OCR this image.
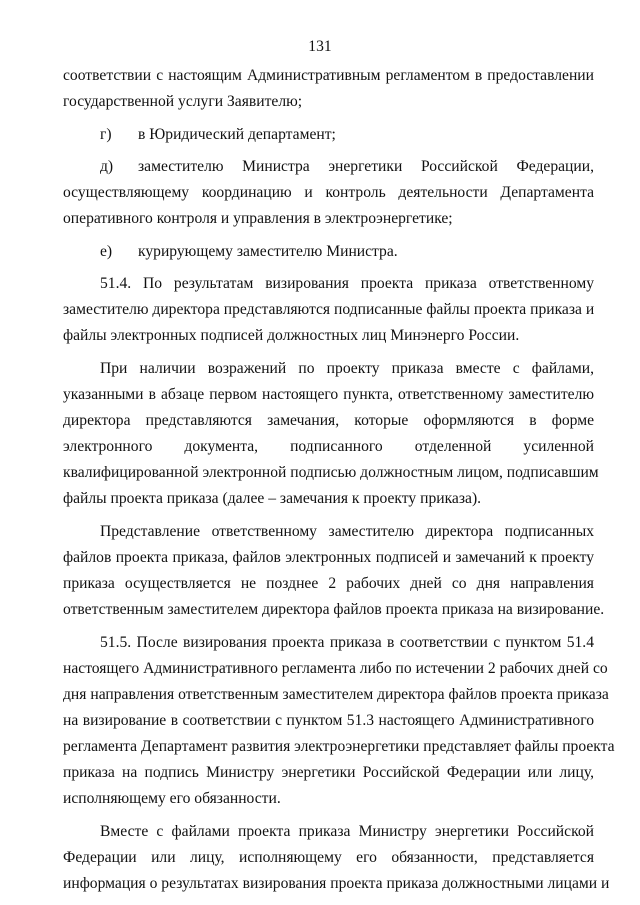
131
соответствии с настоящим Административным регламентом в предоставлении
государственной услуги Заявителю;
г)	в Юридический департамент;
д)	заместителю Министра энергетики Российской Федерации,
осуществляющему координацию и контроль деятельности Департамента
оперативного контроля и управления в электроэнергетике;
е)	курирующему заместителю Министра.
51.4. По результатам визирования проекта приказа ответственному
заместителю директора представляются подписанные файлы проекта приказа и
файлы электронных подписей должностных лиц Минэнерго России.
При наличии возражений по проекту приказа вместе с файлами,
указанными в абзаце первом настоящего пункта, ответственному заместителю
директора представляются замечания, которые оформляются в форме
электронного документа, подписанного отделенной усиленной
квалифицированной электронной подписью должностным лицом, подписавшим
файлы проекта приказа (далее – замечания к проекту приказа).
Представление ответственному заместителю директора подписанных
файлов проекта приказа, файлов электронных подписей и замечаний к проекту
приказа осуществляется не позднее 2 рабочих дней со дня направления
ответственным заместителем директора файлов проекта приказа на визирование.
51.5. После визирования проекта приказа в соответствии с пунктом 51.4
настоящего Административного регламента либо по истечении 2 рабочих дней со
дня направления ответственным заместителем директора файлов проекта приказа
на визирование в соответствии с пунктом 51.3 настоящего Административного
регламента Департамент развития электроэнергетики представляет файлы проекта
приказа на подпись Министру энергетики Российской Федерации или лицу,
исполняющему его обязанности.
Вместе с файлами проекта приказа Министру энергетики Российской
Федерации или лицу, исполняющему его обязанности, представляется
информация о результатах визирования проекта приказа должностными лицами и
